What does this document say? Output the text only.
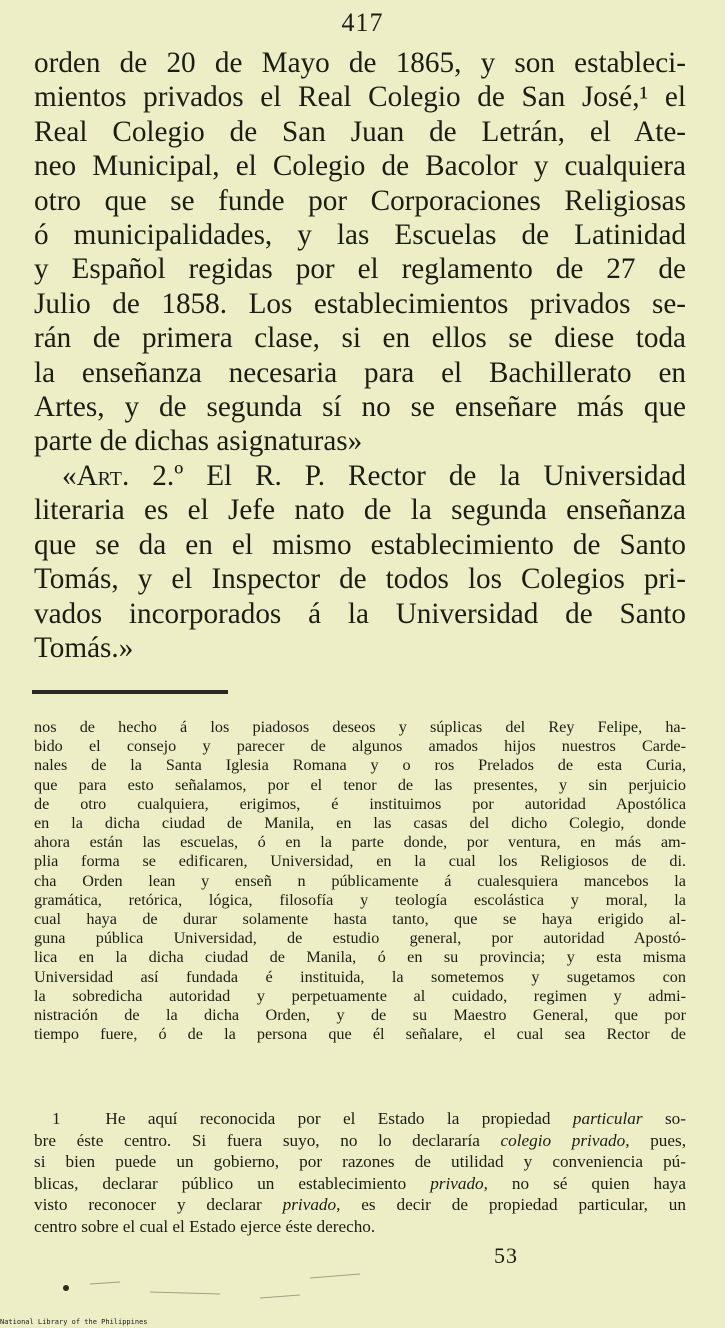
417
orden de 20 de Mayo de 1865, y son estableci-
mientos privados el Real Colegio de San José,¹ el
Real Colegio de San Juan de Letrán, el Ate-
neo Municipal, el Colegio de Bacolor y cualquiera
otro que se funde por Corporaciones Religiosas
ó municipalidades, y las Escuelas de Latinidad
y Español regidas por el reglamento de 27 de
Julio de 1858. Los establecimientos privados se-
rán de primera clase, si en ellos se diese toda
la enseñanza necesaria para el Bachillerato en
Artes, y de segunda sí no se enseñare más que
parte de dichas asignaturas»
«Art. 2.º El R. P. Rector de la Universidad
literaria es el Jefe nato de la segunda enseñanza
que se da en el mismo establecimiento de Santo
Tomás, y el Inspector de todos los Colegios pri-
vados incorporados á la Universidad de Santo
Tomás.»
nos de hecho á los piadosos deseos y súplicas del Rey Felipe, ha-
bido el consejo y parecer de algunos amados hijos nuestros Carde-
nales de la Santa Iglesia Romana y o ros Prelados de esta Curia,
que para esto señalamos, por el tenor de las presentes, y sin perjuicio
de otro cualquiera, erigimos, é instituimos por autoridad Apostólica
en la dicha ciudad de Manila, en las casas del dicho Colegio, donde
ahora están las escuelas, ó en la parte donde, por ventura, en más am-
plia forma se edificaren, Universidad, en la cual los Religiosos de di.
cha Orden lean y enseñ n públicamente á cualesquiera mancebos la
gramática, retórica, lógica, filosofía y teología escolástica y moral, la
cual haya de durar solamente hasta tanto, que se haya erigido al-
guna pública Universidad, de estudio general, por autoridad Apostó-
lica en la dicha ciudad de Manila, ó en su provincia; y esta misma
Universidad así fundada é instituida, la sometemos y sugetamos con
la sobredicha autoridad y perpetuamente al cuidado, regimen y admi-
nistración de la dicha Orden, y de su Maestro General, que por
tiempo fuere, ó de la persona que él señalare, el cual sea Rector de
1	He aquí reconocida por el Estado la propiedad particular so-
bre éste centro. Si fuera suyo, no lo declararía colegio privado, pues,
si bien puede un gobierno, por razones de utilidad y conveniencia pú-
blicas, declarar público un establecimiento privado, no sé quien haya
visto reconocer y declarar privado, es decir de propiedad particular, un
centro sobre el cual el Estado ejerce éste derecho.
53
National Library of the Philippines
